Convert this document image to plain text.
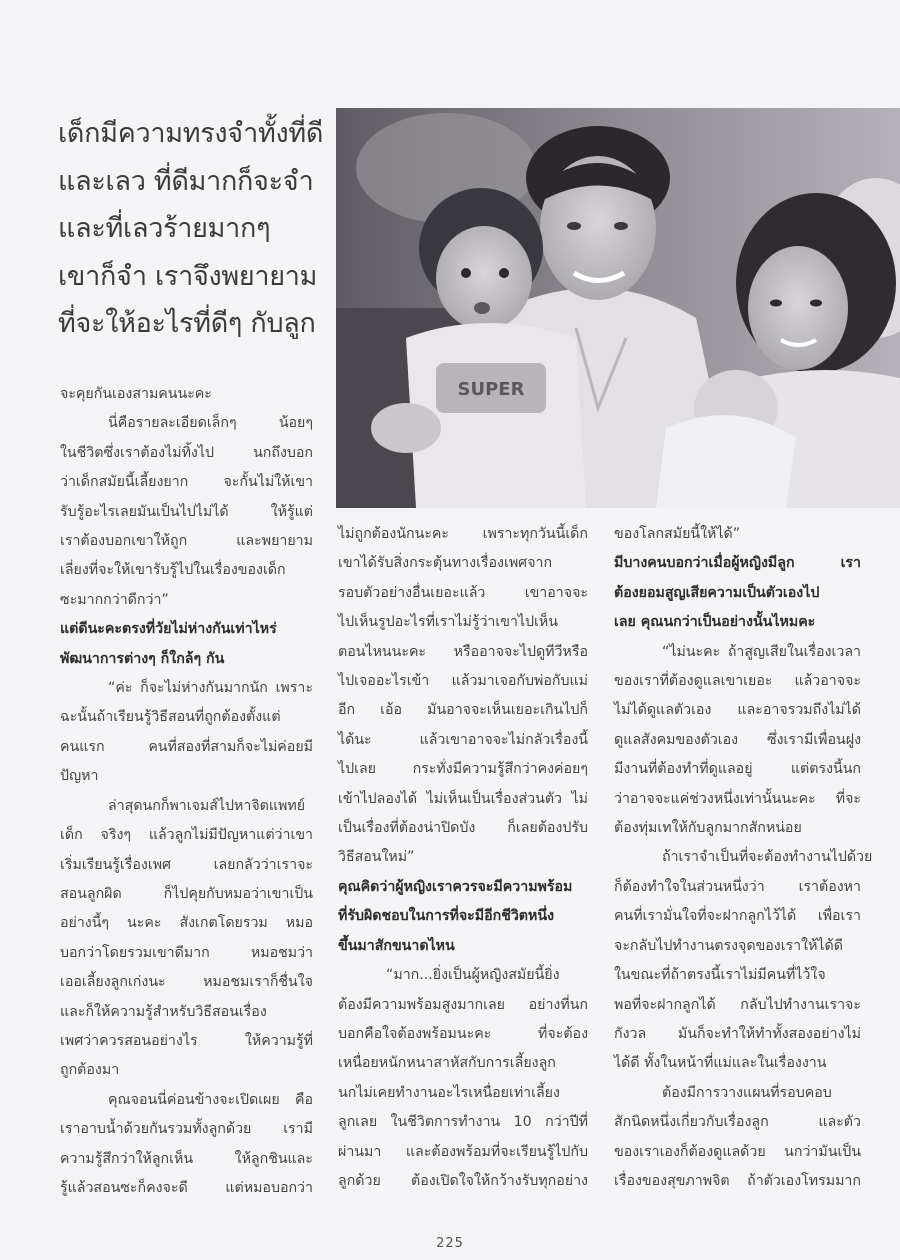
เด็กมีความทรงจำทั้งที่ดี
และเลว ที่ดีมากก็จะจำ
และที่เลวร้ายมากๆ
เขาก็จำ เราจึงพยายาม
ที่จะให้อะไรที่ดีๆ กับลูก
SUPER
จะคุยกันเองสามคนนะคะ
นี่คือรายละเอียดเล็กๆ น้อยๆ
ในชีวิตซึ่งเราต้องไม่ทิ้งไป นกถึงบอก
ว่าเด็กสมัยนี้เลี้ยงยาก จะกั้นไม่ให้เขา
รับรู้อะไรเลยมันเป็นไปไม่ได้ ให้รู้แต่
เราต้องบอกเขาให้ถูก และพยายาม
เลี่ยงที่จะให้เขารับรู้ไปในเรื่องของเด็ก
ซะมากกว่าดีกว่า”
แต่ดีนะคะตรงที่วัยไม่ห่างกันเท่าไหร่
พัฒนาการต่างๆ ก็ใกล้ๆ กัน
“ค่ะ ก็จะไม่ห่างกันมากนัก เพราะ
ฉะนั้นถ้าเรียนรู้วิธีสอนที่ถูกต้องตั้งแต่
คนแรก คนที่สองที่สามก็จะไม่ค่อยมี
ปัญหา
ล่าสุดนกก็พาเจมส์ไปหาจิตแพทย์
เด็ก จริงๆ แล้วลูกไม่มีปัญหาแต่ว่าเขา
เริ่มเรียนรู้เรื่องเพศ เลยกลัวว่าเราจะ
สอนลูกผิด ก็ไปคุยกับหมอว่าเขาเป็น
อย่างนี้ๆ นะคะ สังเกตโดยรวม หมอ
บอกว่าโดยรวมเขาดีมาก หมอชมว่า
เออเลี้ยงลูกเก่งนะ หมอชมเราก็ชื่นใจ
และก็ให้ความรู้สำหรับวิธีสอนเรื่อง
เพศว่าควรสอนอย่างไร ให้ความรู้ที่
ถูกต้องมา
คุณจอนนี่ค่อนข้างจะเปิดเผย คือ
เราอาบน้ำด้วยกันรวมทั้งลูกด้วย เรามี
ความรู้สึกว่าให้ลูกเห็น ให้ลูกชินและ
รู้แล้วสอนซะก็คงจะดี แต่หมอบอกว่า
ไม่ถูกต้องนักนะคะ เพราะทุกวันนี้เด็ก
เขาได้รับสิ่งกระตุ้นทางเรื่องเพศจาก
รอบตัวอย่างอื่นเยอะแล้ว เขาอาจจะ
ไปเห็นรูปอะไรที่เราไม่รู้ว่าเขาไปเห็น
ตอนไหนนะคะ หรืออาจจะไปดูทีวีหรือ
ไปเจออะไรเข้า แล้วมาเจอกับพ่อกับแม่
อีก เอ้อ มันอาจจะเห็นเยอะเกินไปก็
ได้นะ แล้วเขาอาจจะไม่กลัวเรื่องนี้
ไปเลย กระทั่งมีความรู้สึกว่าคงค่อยๆ
เข้าไปลองได้ ไม่เห็นเป็นเรื่องส่วนตัว ไม่
เป็นเรื่องที่ต้องน่าปิดบัง ก็เลยต้องปรับ
วิธีสอนใหม่”
คุณคิดว่าผู้หญิงเราควรจะมีความพร้อม
ที่รับผิดชอบในการที่จะมีอีกชีวิตหนึ่ง
ขึ้นมาสักขนาดไหน
“มาก...ยิ่งเป็นผู้หญิงสมัยนี้ยิ่ง
ต้องมีความพร้อมสูงมากเลย อย่างที่นก
บอกคือใจต้องพร้อมนะคะ ที่จะต้อง
เหนื่อยหนักหนาสาหัสกับการเลี้ยงลูก
นกไม่เคยทำงานอะไรเหนื่อยเท่าเลี้ยง
ลูกเลย ในชีวิตการทำงาน 10 กว่าปีที่
ผ่านมา และต้องพร้อมที่จะเรียนรู้ไปกับ
ลูกด้วย ต้องเปิดใจให้กว้างรับทุกอย่าง
ของโลกสมัยนี้ให้ได้”
มีบางคนบอกว่าเมื่อผู้หญิงมีลูก เรา
ต้องยอมสูญเสียความเป็นตัวเองไป
เลย คุณนกว่าเป็นอย่างนั้นไหมคะ
“ไม่นะคะ ถ้าสูญเสียในเรื่องเวลา
ของเราที่ต้องดูแลเขาเยอะ แล้วอาจจะ
ไม่ได้ดูแลตัวเอง และอาจรวมถึงไม่ได้
ดูแลสังคมของตัวเอง ซึ่งเรามีเพื่อนฝูง
มีงานที่ต้องทำที่ดูแลอยู่ แต่ตรงนี้นก
ว่าอาจจะแค่ช่วงหนึ่งเท่านั้นนะคะ ที่จะ
ต้องทุ่มเทให้กับลูกมากสักหน่อย
ถ้าเราจำเป็นที่จะต้องทำงานไปด้วย
ก็ต้องทำใจในส่วนหนึ่งว่า เราต้องหา
คนที่เรามั่นใจที่จะฝากลูกไว้ได้ เพื่อเรา
จะกลับไปทำงานตรงจุดของเราให้ได้ดี
ในขณะที่ถ้าตรงนี้เราไม่มีคนที่ไว้ใจ
พอที่จะฝากลูกได้ กลับไปทำงานเราจะ
กังวล มันก็จะทำให้ทำทั้งสองอย่างไม่
ได้ดี ทั้งในหน้าที่แม่และในเรื่องงาน
ต้องมีการวางแผนที่รอบคอบ
สักนิดหนึ่งเกี่ยวกับเรื่องลูก และตัว
ของเราเองก็ต้องดูแลด้วย นกว่ามันเป็น
เรื่องของสุขภาพจิต ถ้าตัวเองโทรมมาก
225
